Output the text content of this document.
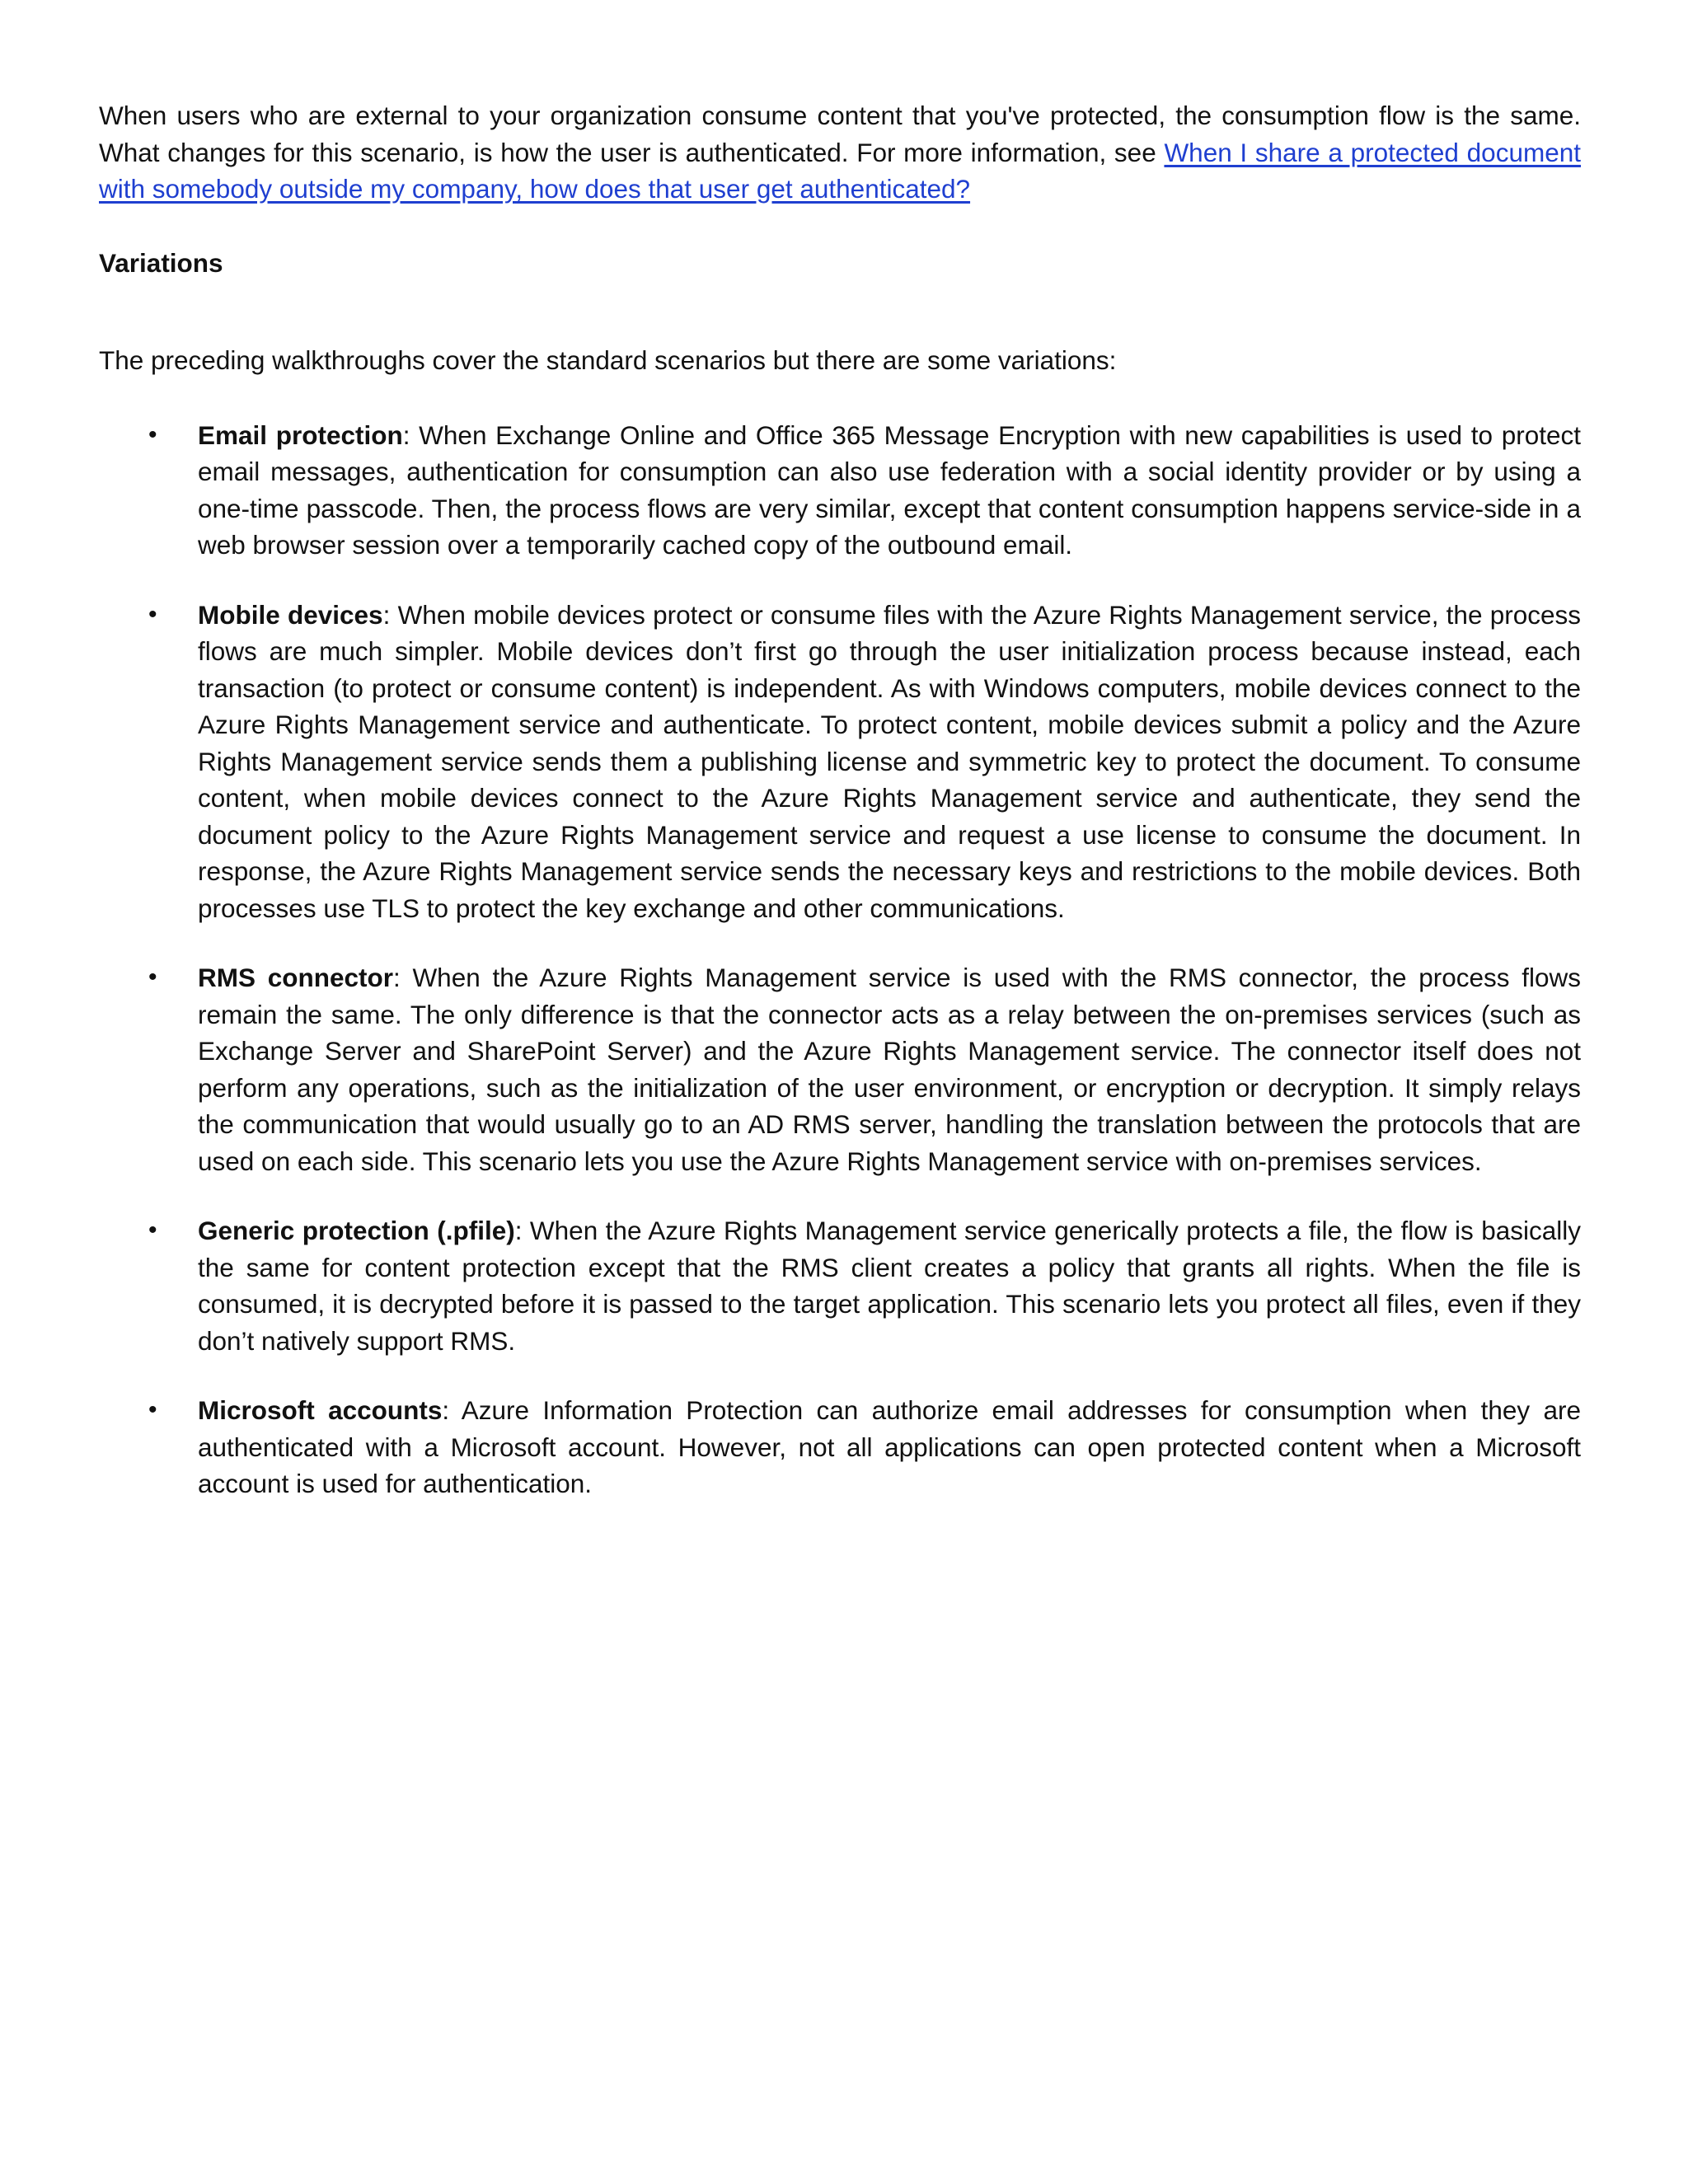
When users who are external to your organization consume content that you've protected, the consumption flow is the same. What changes for this scenario, is how the user is authenticated. For more information, see When I share a protected document with somebody outside my company, how does that user get authenticated?

Variations

The preceding walkthroughs cover the standard scenarios but there are some variations:

• Email protection: When Exchange Online and Office 365 Message Encryption with new capabilities is used to protect email messages, authentication for consumption can also use federation with a social identity provider or by using a one-time passcode. Then, the process flows are very similar, except that content consumption happens service-side in a web browser session over a temporarily cached copy of the outbound email.
• Mobile devices: When mobile devices protect or consume files with the Azure Rights Management service, the process flows are much simpler. Mobile devices don’t first go through the user initialization process because instead, each transaction (to protect or consume content) is independent. As with Windows computers, mobile devices connect to the Azure Rights Management service and authenticate. To protect content, mobile devices submit a policy and the Azure Rights Management service sends them a publishing license and symmetric key to protect the document. To consume content, when mobile devices connect to the Azure Rights Management service and authenticate, they send the document policy to the Azure Rights Management service and request a use license to consume the document. In response, the Azure Rights Management service sends the necessary keys and restrictions to the mobile devices. Both processes use TLS to protect the key exchange and other communications.
• RMS connector: When the Azure Rights Management service is used with the RMS connector, the process flows remain the same. The only difference is that the connector acts as a relay between the on-premises services (such as Exchange Server and SharePoint Server) and the Azure Rights Management service. The connector itself does not perform any operations, such as the initialization of the user environment, or encryption or decryption. It simply relays the communication that would usually go to an AD RMS server, handling the translation between the protocols that are used on each side. This scenario lets you use the Azure Rights Management service with on-premises services.
• Generic protection (.pfile): When the Azure Rights Management service generically protects a file, the flow is basically the same for content protection except that the RMS client creates a policy that grants all rights. When the file is consumed, it is decrypted before it is passed to the target application. This scenario lets you protect all files, even if they don’t natively support RMS.
• Microsoft accounts: Azure Information Protection can authorize email addresses for consumption when they are authenticated with a Microsoft account. However, not all applications can open protected content when a Microsoft account is used for authentication.
